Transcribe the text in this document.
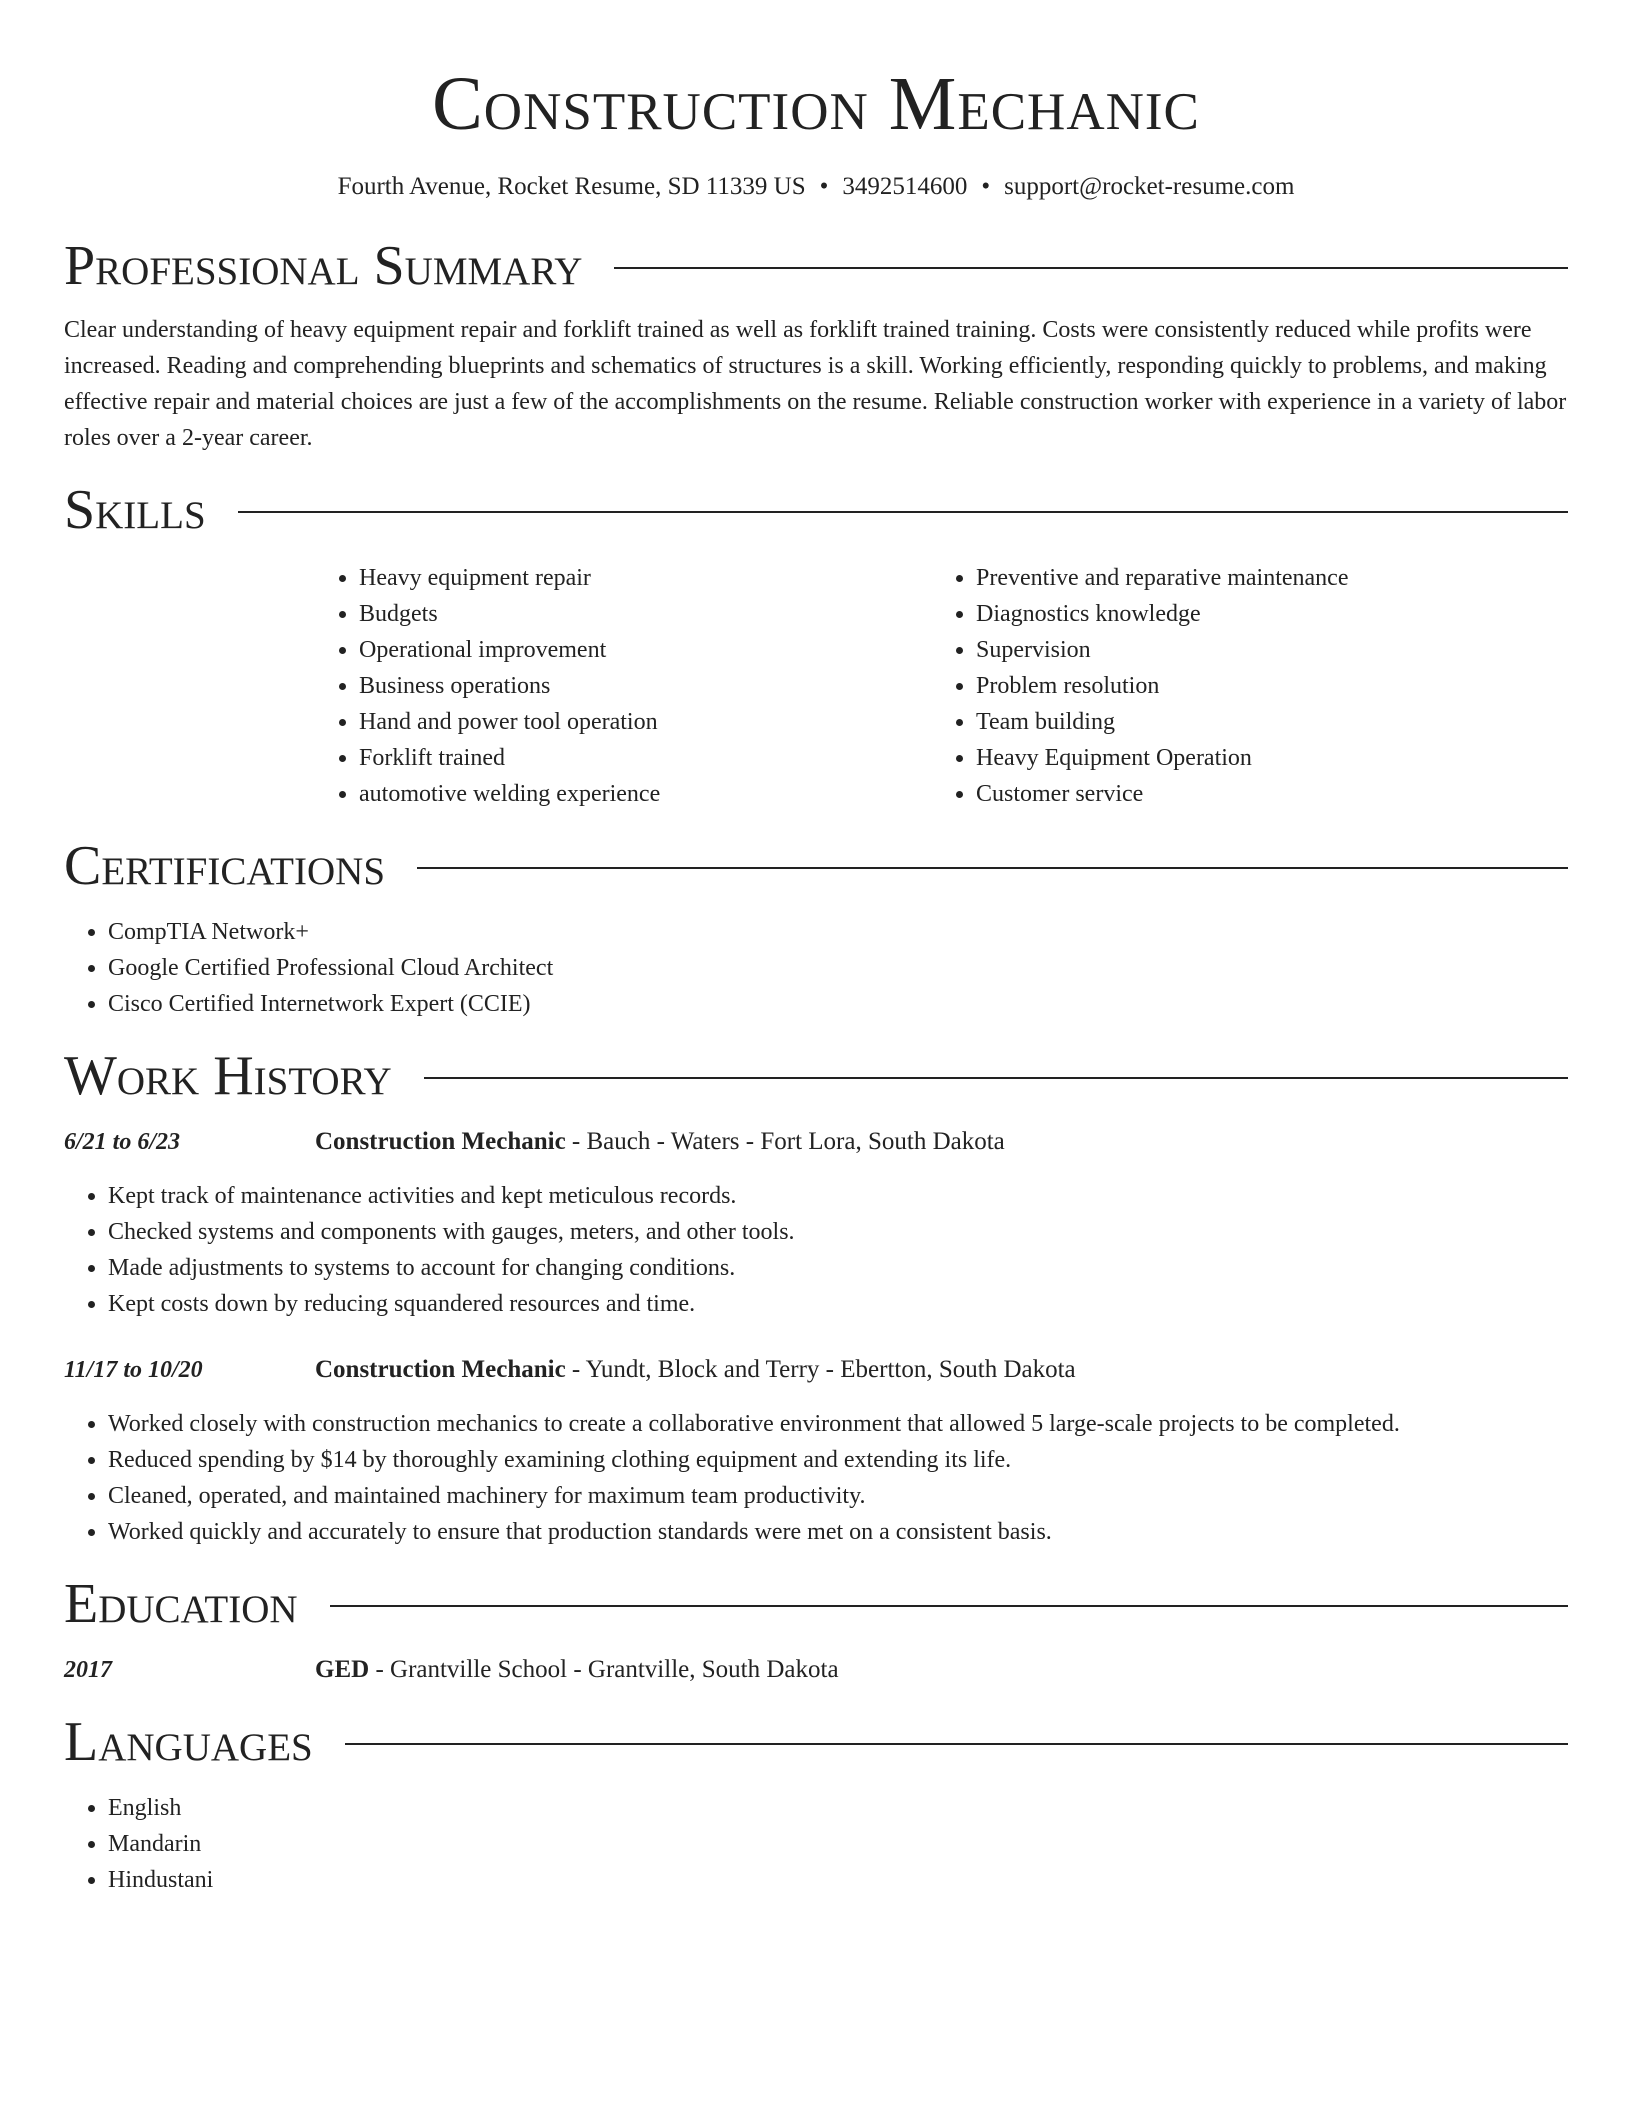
Construction Mechanic
Fourth Avenue, Rocket Resume, SD 11339 US • 3492514600 • support@rocket-resume.com
Professional Summary

Clear understanding of heavy equipment repair and forklift trained as well as forklift trained training. Costs were consistently reduced while profits were increased. Reading and comprehending blueprints and schematics of structures is a skill. Working efficiently, responding quickly to problems, and making effective repair and material choices are just a few of the accomplishments on the resume. Reliable construction worker with experience in a variety of labor roles over a 2-year career.

Skills
• Heavy equipment repair
• Budgets
• Operational improvement
• Business operations
• Hand and power tool operation
• Forklift trained
• automotive welding experience
• Preventive and reparative maintenance
• Diagnostics knowledge
• Supervision
• Problem resolution
• Team building
• Heavy Equipment Operation
• Customer service
Certifications
• CompTIA Network+
• Google Certified Professional Cloud Architect
• Cisco Certified Internetwork Expert (CCIE)
Work History
6/21 to 6/23	Construction Mechanic - Bauch - Waters - Fort Lora, South Dakota
• Kept track of maintenance activities and kept meticulous records.
• Checked systems and components with gauges, meters, and other tools.
• Made adjustments to systems to account for changing conditions.
• Kept costs down by reducing squandered resources and time.
11/17 to 10/20	Construction Mechanic - Yundt, Block and Terry - Ebertton, South Dakota
• Worked closely with construction mechanics to create a collaborative environment that allowed 5 large-scale projects to be completed.
• Reduced spending by $14 by thoroughly examining clothing equipment and extending its life.
• Cleaned, operated, and maintained machinery for maximum team productivity.
• Worked quickly and accurately to ensure that production standards were met on a consistent basis.
Education
2017	GED - Grantville School - Grantville, South Dakota
Languages
• English
• Mandarin
• Hindustani
